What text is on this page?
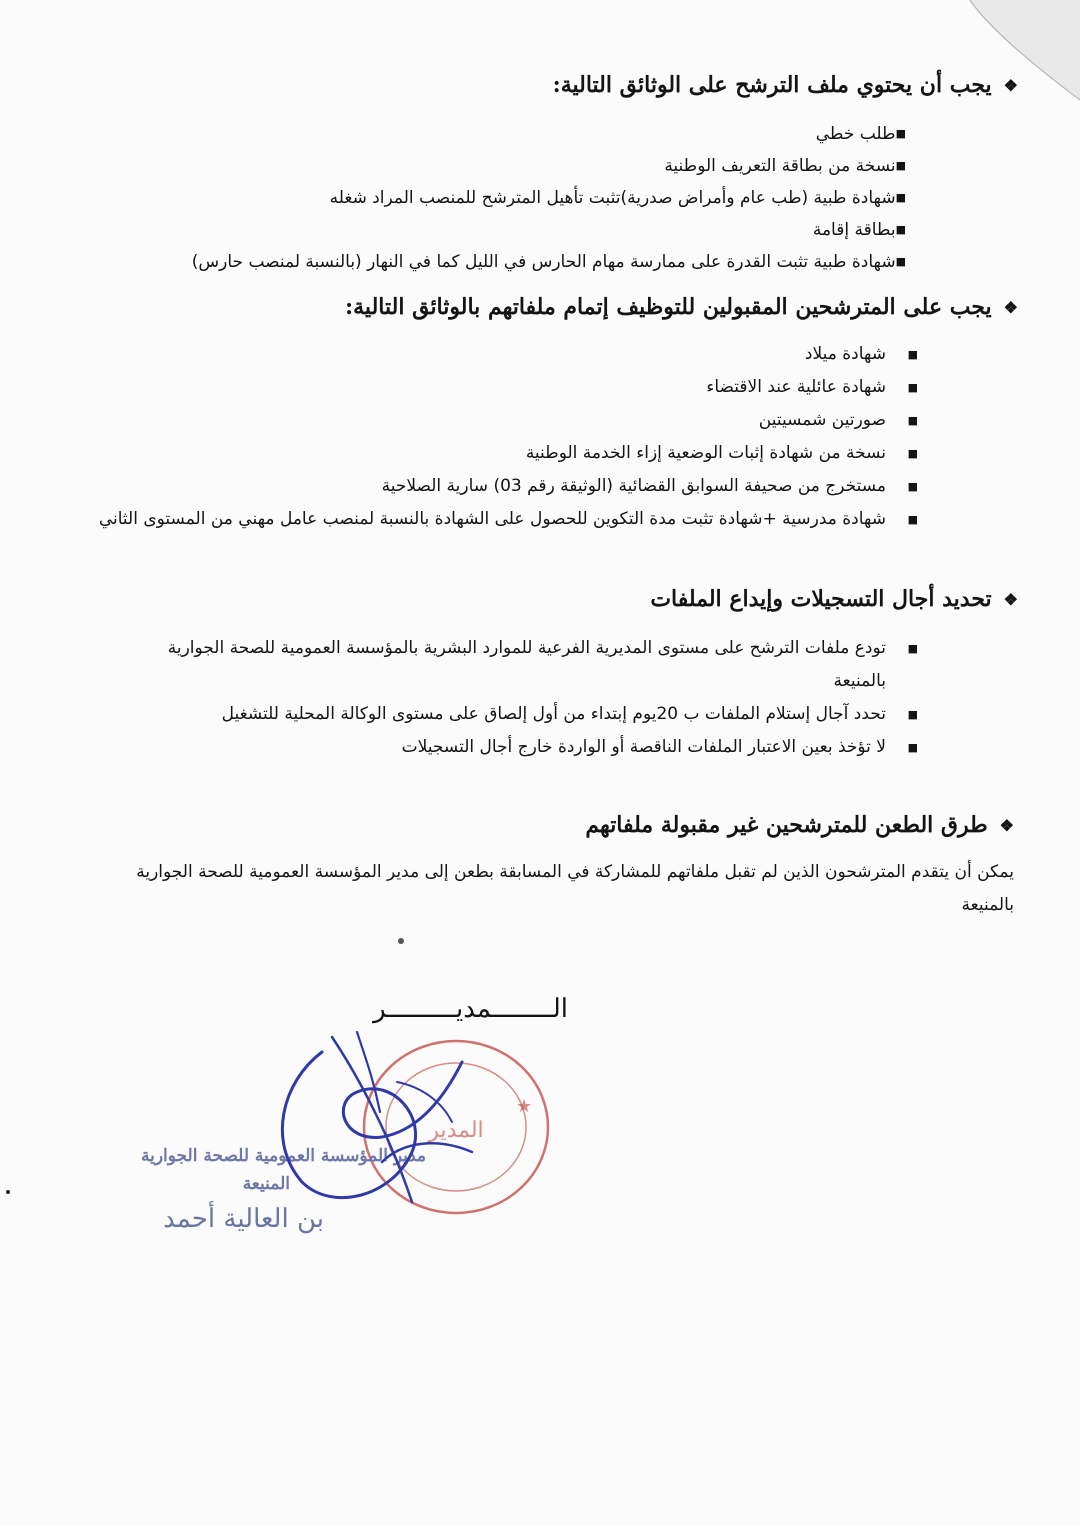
❖يجب أن يحتوي ملف الترشح على الوثائق التالية:
■طلب خطي
■نسخة من بطاقة التعريف الوطنية
■شهادة طبية (طب عام وأمراض صدرية)تثبت تأهيل المترشح للمنصب المراد شغله
■بطاقة إقامة
■شهادة طبية تثبت القدرة على ممارسة مهام الحارس في الليل كما في النهار (بالنسبة لمنصب حارس)
❖يجب على المترشحين المقبولين للتوظيف إتمام ملفاتهم بالوثائق التالية:
■
شهادة ميلاد
■
شهادة عائلية عند الاقتضاء
■
صورتين شمسيتين
■
نسخة من شهادة إثبات الوضعية إزاء الخدمة الوطنية
■
مستخرج من صحيفة السوابق القضائية (الوثيقة رقم 03) سارية الصلاحية
■
شهادة مدرسية +شهادة تثبت مدة التكوين للحصول على الشهادة بالنسبة لمنصب عامل مهني من المستوى الثاني
❖تحديد أجال التسجيلات وإيداع الملفات
■
تودع ملفات الترشح على مستوى المديرية الفرعية للموارد البشرية بالمؤسسة العمومية للصحة الجوارية بالمنيعة
■
تحدد آجال إستلام الملفات ب 20يوم إبتداء من أول إلصاق على مستوى الوكالة المحلية للتشغيل
■
لا تؤخذ بعين الاعتبار الملفات الناقصة أو الواردة خارج أجال التسجيلات
❖طرق الطعن للمترشحين غير مقبولة ملفاتهم
يمكن أن يتقدم المترشحون الذين لم تقبل ملفاتهم للمشاركة في المسابقة بطعن إلى مدير المؤسسة العمومية للصحة الجوارية بالمنيعة
الــــــــمديـــــــــر
المدير
★
مدير المؤسسة العمومية للصحة الجوارية
المنيعة
بن العالية أحمد
